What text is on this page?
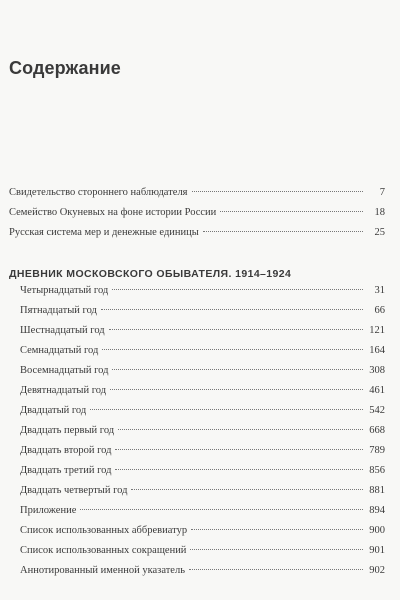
Содержание
Свидетельство стороннего наблюдателя	7
Семейство Окуневых на фоне истории России	18
Русская система мер и денежные единицы	25
ДНЕВНИК МОСКОВСКОГО ОБЫВАТЕЛЯ. 1914–1924
Четырнадцатый год	31
Пятнадцатый год	66
Шестнадцатый год	121
Семнадцатый год	164
Восемнадцатый год	308
Девятнадцатый год	461
Двадцатый год	542
Двадцать первый год	668
Двадцать второй год	789
Двадцать третий год	856
Двадцать четвертый год	881
Приложение	894
Список использованных аббревиатур	900
Список использованных сокращений	901
Аннотированный именной указатель	902
